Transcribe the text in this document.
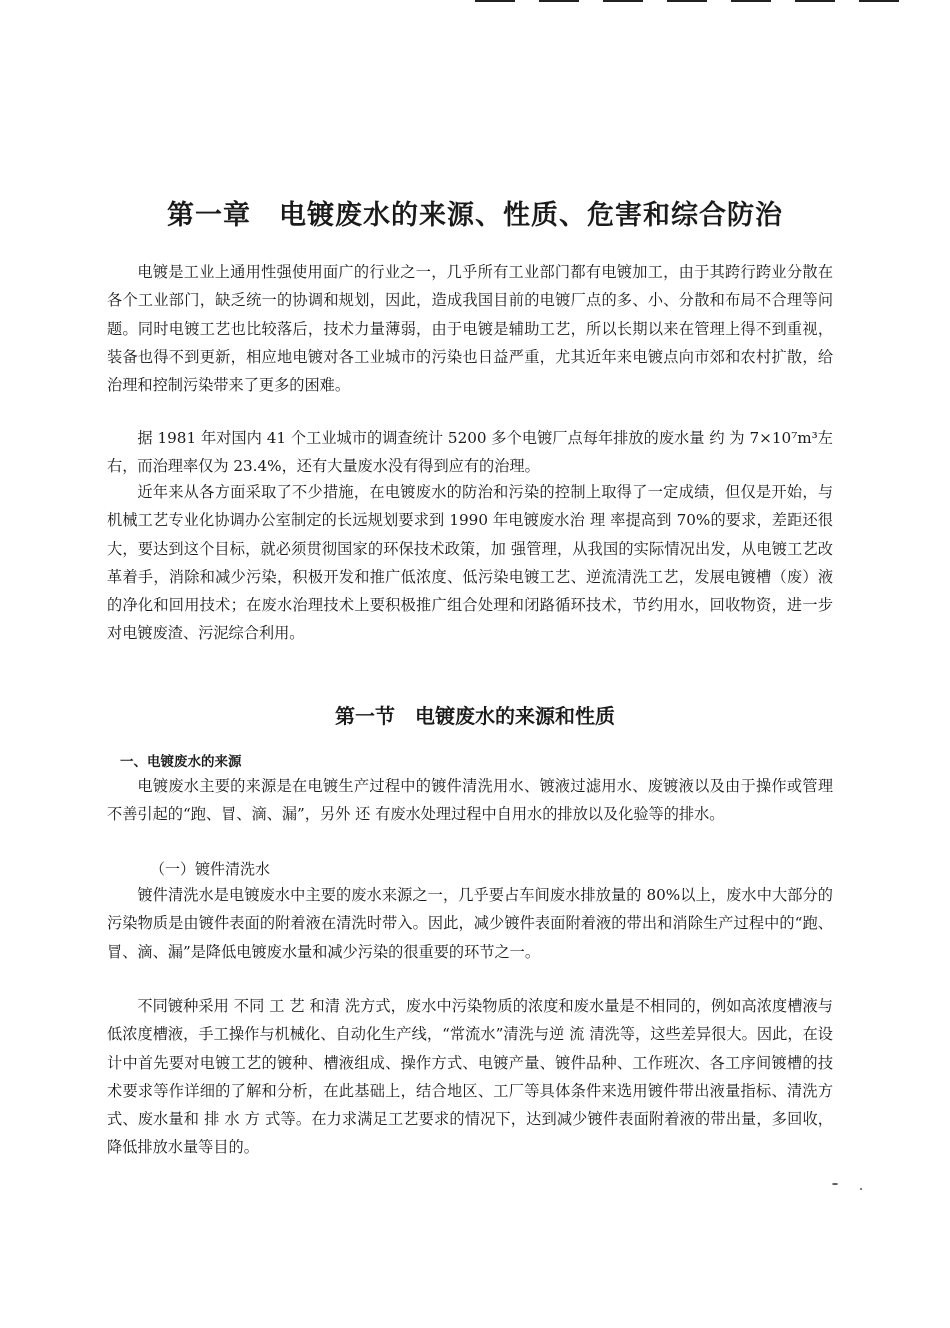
第一章　电镀废水的来源、性质、危害和综合防治

电镀是工业上通用性强使用面广的行业之一，几乎所有工业部门都有电镀加工，由于其跨行跨业分散在各个工业部门，缺乏统一的协调和规划，因此，造成我国目前的电镀厂点的多、小、分散和布局不合理等问题。同时电镀工艺也比较落后，技术力量薄弱，由于电镀是辅助工艺，所以长期以来在管理上得不到重视，装备也得不到更新，相应地电镀对各工业城市的污染也日益严重，尤其近年来电镀点向市郊和农村扩散，给治理和控制污染带来了更多的困难。

据 1981 年对国内 41 个工业城市的调查统计 5200 多个电镀厂点每年排放的废水量 约 为 7×10⁷m³左右，而治理率仅为 23.4%，还有大量废水没有得到应有的治理。

近年来从各方面采取了不少措施，在电镀废水的防治和污染的控制上取得了一定成绩，但仅是开始，与机械工艺专业化协调办公室制定的长远规划要求到 1990 年电镀废水治 理 率提高到 70%的要求，差距还很大，要达到这个目标，就必须贯彻国家的环保技术政策，加 强管理，从我国的实际情况出发，从电镀工艺改革着手，消除和减少污染，积极开发和推广低浓度、低污染电镀工艺、逆流清洗工艺，发展电镀槽（废）液的净化和回用技术；在废水治理技术上要积极推广组合处理和闭路循环技术，节约用水，回收物资，进一步对电镀废渣、污泥综合利用。

第一节　电镀废水的来源和性质
一、电镀废水的来源

电镀废水主要的来源是在电镀生产过程中的镀件清洗用水、镀液过滤用水、废镀液以及由于操作或管理不善引起的“跑、冒、滴、漏”，另外 还 有废水处理过程中自用水的排放以及化验等的排水。

（一）镀件清洗水

镀件清洗水是电镀废水中主要的废水来源之一，几乎要占车间废水排放量的 80%以上，废水中大部分的污染物质是由镀件表面的附着液在清洗时带入。因此，减少镀件表面附着液的带出和消除生产过程中的“跑、冒、滴、漏”是降低电镀废水量和减少污染的很重要的环节之一。

不同镀种采用 不同 工 艺 和清 洗方式，废水中污染物质的浓度和废水量是不相同的，例如高浓度槽液与低浓度槽液，手工操作与机械化、自动化生产线，“常流水”清洗与逆 流 清洗等，这些差异很大。因此，在设计中首先要对电镀工艺的镀种、槽液组成、操作方式、电镀产量、镀件品种、工作班次、各工序间镀槽的技术要求等作详细的了解和分析，在此基础上，结合地区、工厂等具体条件来选用镀件带出液量指标、清洗方式、废水量和 排 水 方 式等。在力求满足工艺要求的情况下，达到减少镀件表面附着液的带出量，多回收，降低排放水量等目的。
